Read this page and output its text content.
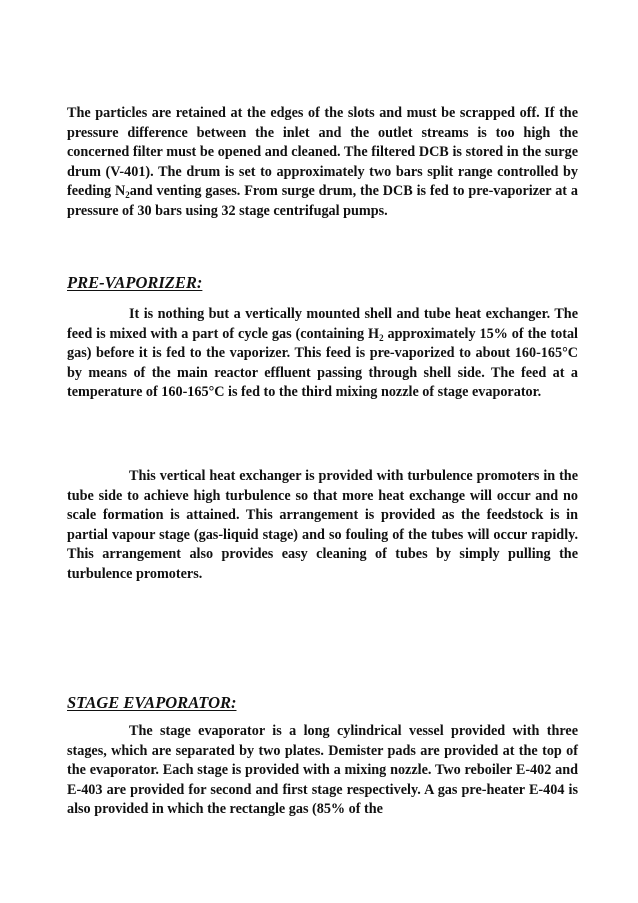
The particles are retained at the edges of the slots and must be scrapped off. If the pressure difference between the inlet and the outlet streams is too high the concerned filter must be opened and cleaned. The filtered DCB is stored in the surge drum (V-401). The drum is set to approximately two bars split range controlled by feeding $N_2and$ venting gases. From surge drum, the DCB is fed to pre-vaporizer at a pressure of 30 bars using 32 stage centrifugal pumps.

PRE-VAPORIZER:

It is nothing but a vertically mounted shell and tube heat exchanger. The feed is mixed with a part of cycle gas (containing $H_2$ approximately 15% of the total gas) before it is fed to the vaporizer. This feed is pre-vaporized to about 160-165°C by means of the main reactor effluent passing through shell side. The feed at a temperature of 160-165°C is fed to the third mixing nozzle of stage evaporator.

This vertical heat exchanger is provided with turbulence promoters in the tube side to achieve high turbulence so that more heat exchange will occur and no scale formation is attained. This arrangement is provided as the feedstock is in partial vapour stage (gas-liquid stage) and so fouling of the tubes will occur rapidly. This arrangement also provides easy cleaning of tubes by simply pulling the turbulence promoters.

STAGE EVAPORATOR:

The stage evaporator is a long cylindrical vessel provided with three stages, which are separated by two plates. Demister pads are provided at the top of the evaporator. Each stage is provided with a mixing nozzle. Two reboiler E-402 and E-403 are provided for second and first stage respectively. A gas pre-heater E-404 is also provided in which the rectangle gas (85% of the
